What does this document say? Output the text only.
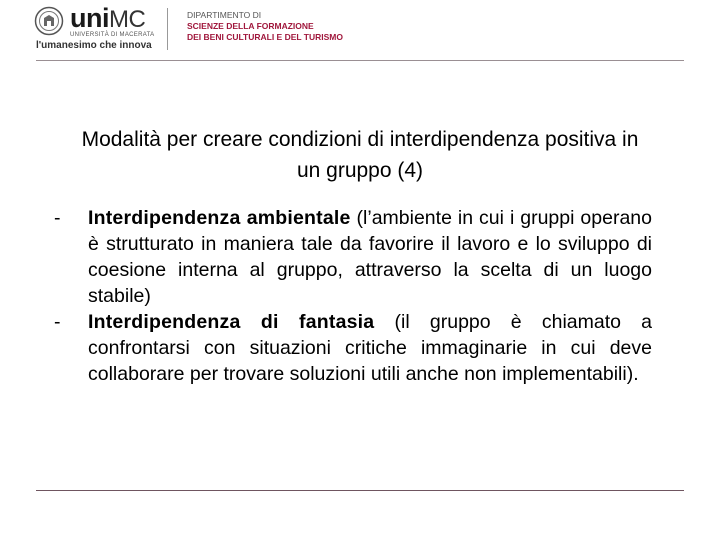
uniMC
UNIVERSITÀ DI MACERATA
l'umanesimo che innova
DIPARTIMENTO DI
SCIENZE DELLA FORMAZIONE
DEI BENI CULTURALI E DEL TURISMO
Modalità per creare condizioni di interdipendenza positiva in un gruppo (4)
- Interdipendenza ambientale (l’ambiente in cui i gruppi operano è strutturato in maniera tale da favorire il lavoro e lo sviluppo di coesione interna al gruppo, attraverso la scelta di un luogo stabile)
- Interdipendenza di fantasia (il gruppo è chiamato a confrontarsi con situazioni critiche immaginarie in cui deve collaborare per trovare soluzioni utili anche non implementabili).
